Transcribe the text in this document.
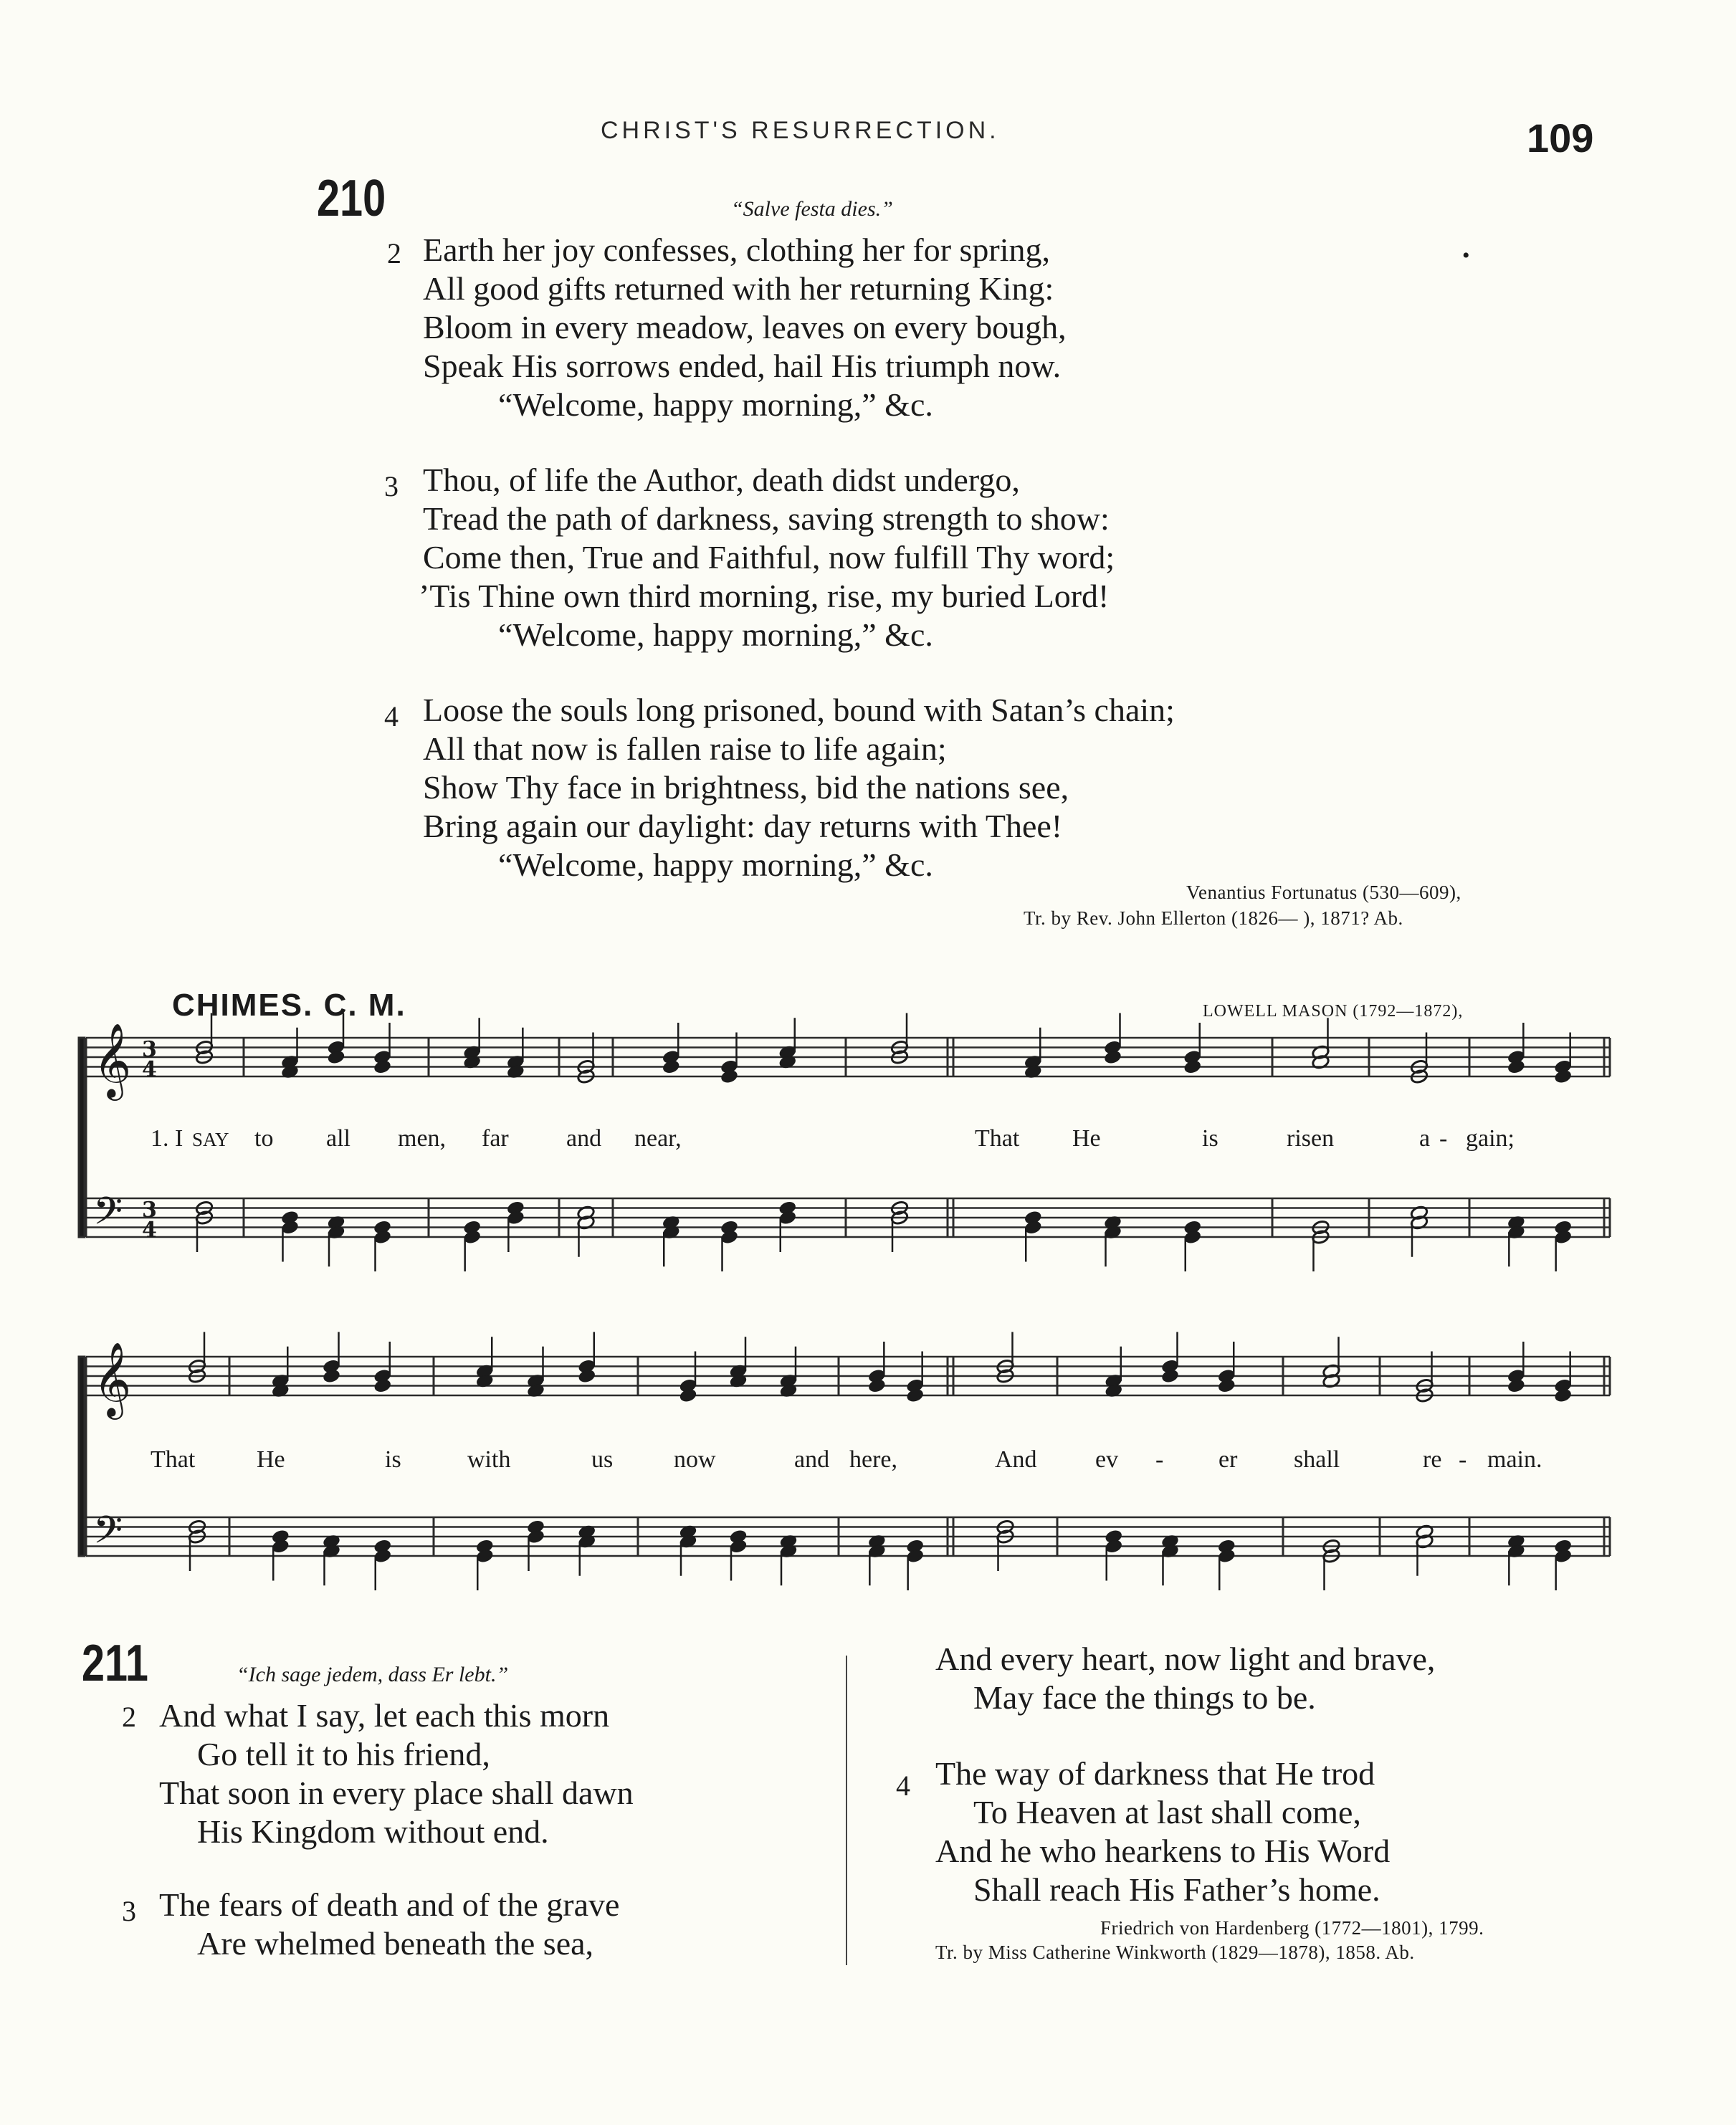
CHRIST'S RESURRECTION.	109
210	“Salve festa dies.”
2 Earth her joy confesses, clothing her for spring,
All good gifts returned with her returning King:
Bloom in every meadow, leaves on every bough,
Speak His sorrows ended, hail His triumph now.
“Welcome, happy morning,” &c.
•
3 Thou, of life the Author, death didst undergo,
Tread the path of darkness, saving strength to show:
Come then, True and Faithful, now fulfill Thy word;
’Tis Thine own third morning, rise, my buried Lord!
“Welcome, happy morning,” &c.
4 Loose the souls long prisoned, bound with Satan’s chain;
All that now is fallen raise to life again;
Show Thy face in brightness, bid the nations see,
Bring again our daylight: day returns with Thee!
“Welcome, happy morning,” &c.
Venantius Fortunatus (530—609),
Tr. by Rev. John Ellerton (1826— ), 1871? Ab.
CHIMES. C. M.	LOWELL MASON (1792—1872),
𝄞
𝄢
3
4
3
4
𝄞
𝄢
1. I SAY to all men, far and near,	That He	is	risen	a - gain;
That	He	is	with	us now	and here,	And ev - er shall	re - main.
211	“Ich sage jedem, dass Er lebt.”
2 And what I say, let each this morn
Go tell it to his friend,
That soon in every place shall dawn
His Kingdom without end.
3 The fears of death and of the grave
Are whelmed beneath the sea,
And every heart, now light and brave,
May face the things to be.
4 The way of darkness that He trod
To Heaven at last shall come,
And he who hearkens to His Word
Shall reach His Father’s home.
Friedrich von Hardenberg (1772—1801), 1799.
Tr. by Miss Catherine Winkworth (1829—1878), 1858. Ab.
